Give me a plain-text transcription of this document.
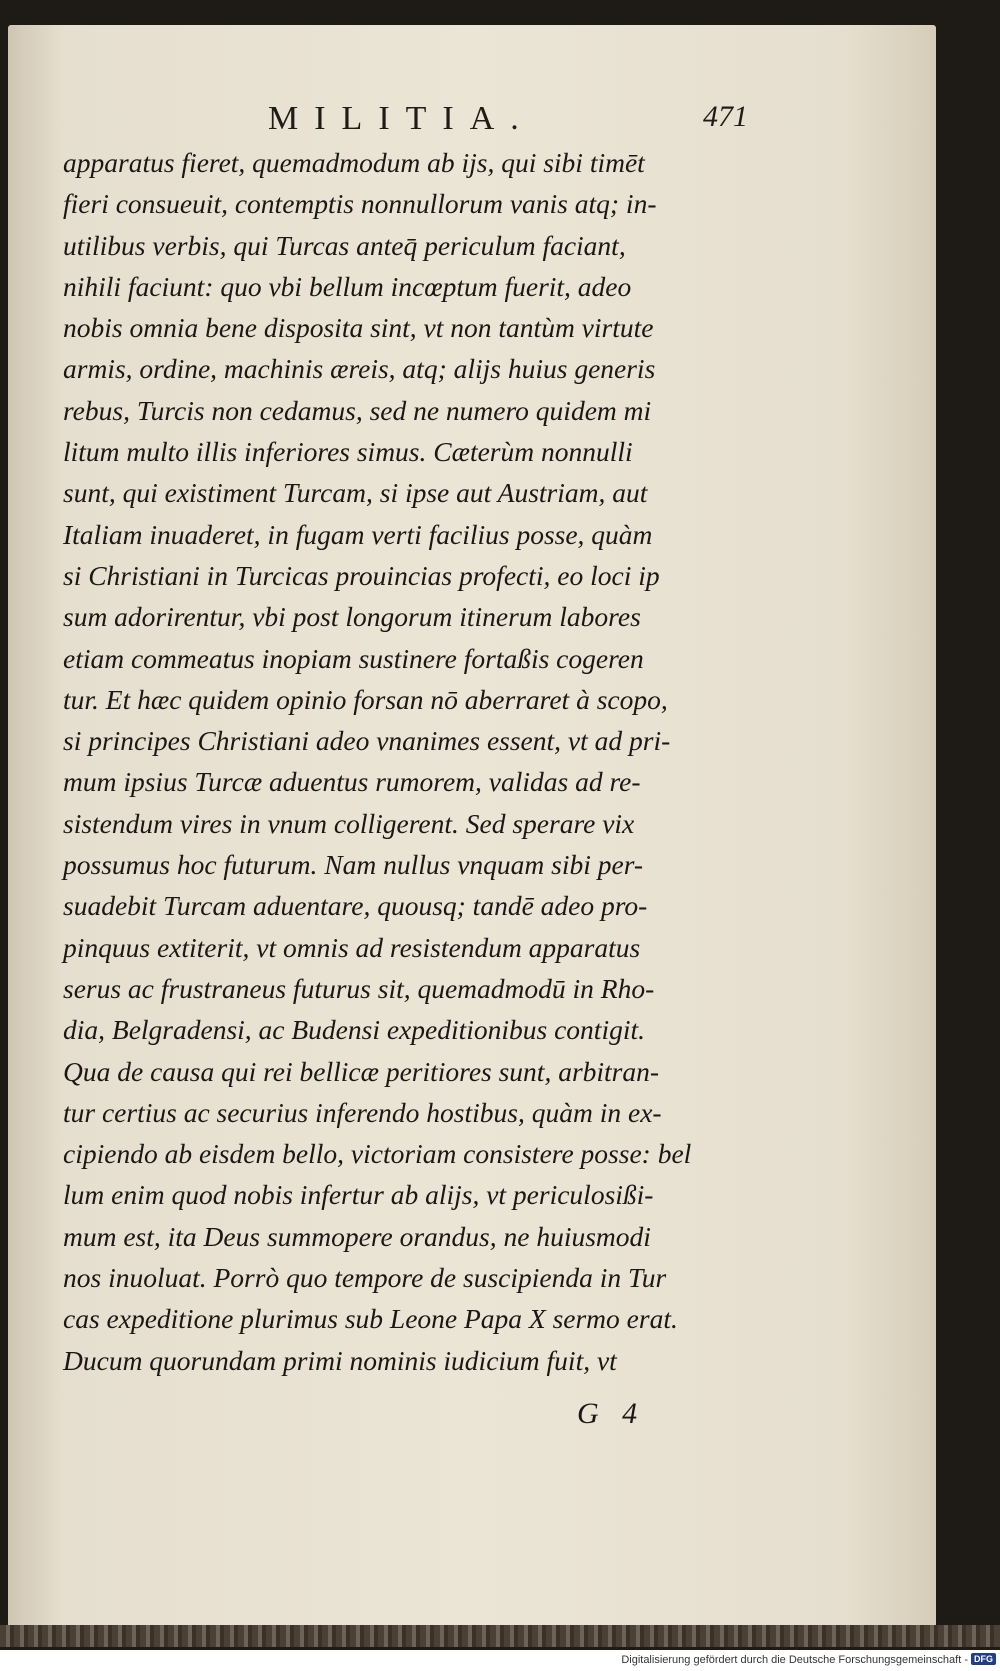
MILITIA.	471
apparatus fieret, quemadmodum ab ijs, qui sibi timēt
fieri consueuit, contemptis nonnullorum vanis atq; in-
utilibus verbis, qui Turcas anteq̄ periculum faciant,
nihili faciunt: quo vbi bellum incœptum fuerit, adeo
nobis omnia bene disposita sint, vt non tantùm virtute
armis, ordine, machinis æreis, atq; alijs huius generis
rebus, Turcis non cedamus, sed ne numero quidem mi
litum multo illis inferiores simus. Cæterùm nonnulli
sunt, qui existiment Turcam, si ipse aut Austriam, aut
Italiam inuaderet, in fugam verti facilius posse, quàm
si Christiani in Turcicas prouincias profecti, eo loci ip
sum adorirentur, vbi post longorum itinerum labores
etiam commeatus inopiam sustinere fortaßis cogeren
tur. Et hæc quidem opinio forsan nō aberraret à scopo,
si principes Christiani adeo vnanimes essent, vt ad pri-
mum ipsius Turcæ aduentus rumorem, validas ad re-
sistendum vires in vnum colligerent. Sed sperare vix
possumus hoc futurum. Nam nullus vnquam sibi per-
suadebit Turcam aduentare, quousq; tandē adeo pro-
pinquus extiterit, vt omnis ad resistendum apparatus
serus ac frustraneus futurus sit, quemadmodū in Rho-
dia, Belgradensi, ac Budensi expeditionibus contigit.
Qua de causa qui rei bellicæ peritiores sunt, arbitran-
tur certius ac securius inferendo hostibus, quàm in ex-
cipiendo ab eisdem bello, victoriam consistere posse: bel
lum enim quod nobis infertur ab alijs, vt periculosißi-
mum est, ita Deus summopere orandus, ne huiusmodi
nos inuoluat. Porrò quo tempore de suscipienda in Tur
cas expeditione plurimus sub Leone Papa X sermo erat.
Ducum quorundam primi nominis iudicium fuit, vt
G 4
Digitalisierung gefördert durch die Deutsche Forschungsgemeinschaft - DFG
